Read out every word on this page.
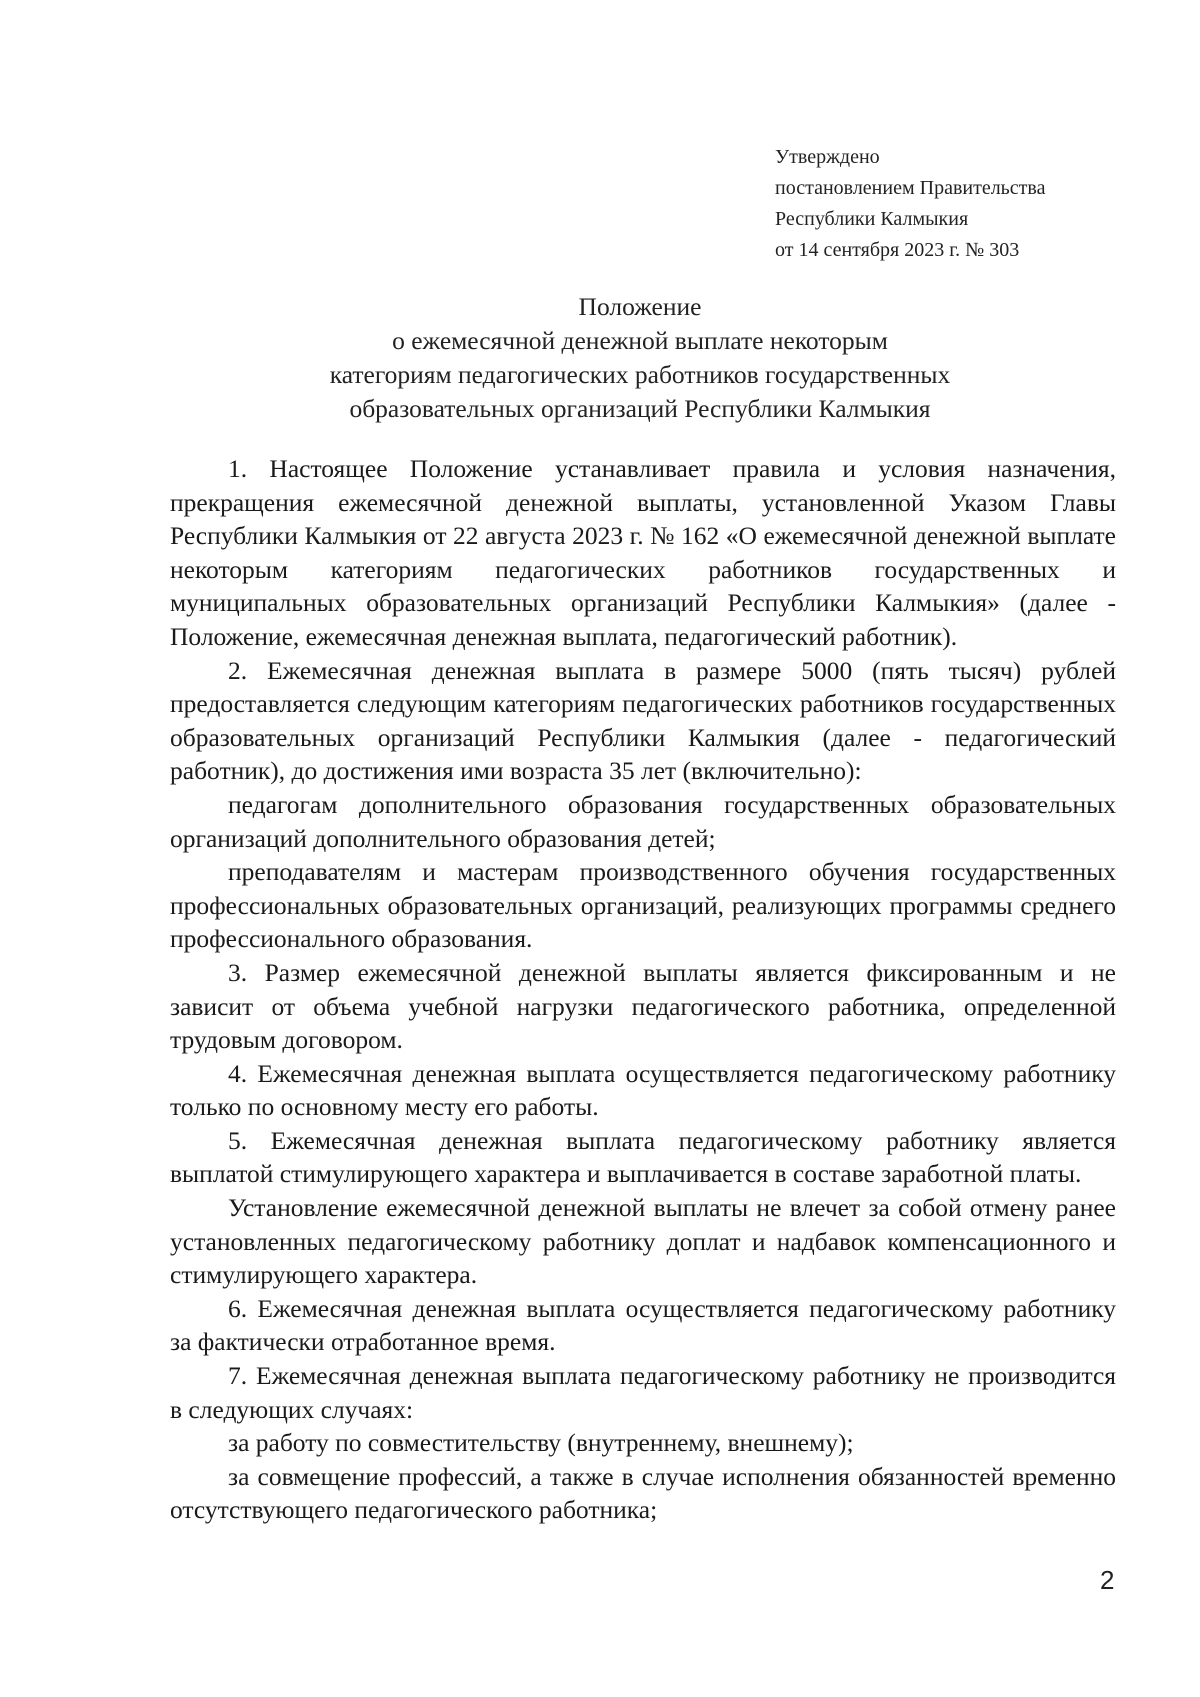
Утверждено
постановлением Правительства
Республики Калмыкия
от 14 сентября 2023 г. № 303
Положение
о ежемесячной денежной выплате некоторым
категориям педагогических работников государственных
образовательных организаций Республики Калмыкия

1. Настоящее Положение устанавливает правила и условия назначения, прекращения ежемесячной денежной выплаты, установленной Указом Главы Республики Калмыкия от 22 августа 2023 г. № 162 «О ежемесячной денежной выплате некоторым категориям педагогических работников государственных и муниципальных образовательных организаций Республики Калмыкия» (далее - Положение, ежемесячная денежная выплата, педагогический работник).

2. Ежемесячная денежная выплата в размере 5000 (пять тысяч) рублей предоставляется следующим категориям педагогических работников государственных образовательных организаций Республики Калмыкия (далее - педагогический работник), до достижения ими возраста 35 лет (включительно):

педагогам дополнительного образования государственных образовательных организаций дополнительного образования детей;

преподавателям и мастерам производственного обучения государственных профессиональных образовательных организаций, реализующих программы среднего профессионального образования.

3. Размер ежемесячной денежной выплаты является фиксированным и не зависит от объема учебной нагрузки педагогического работника, определенной трудовым договором.

4. Ежемесячная денежная выплата осуществляется педагогическому работнику только по основному месту его работы.

5. Ежемесячная денежная выплата педагогическому работнику является выплатой стимулирующего характера и выплачивается в составе заработной платы.

Установление ежемесячной денежной выплаты не влечет за собой отмену ранее установленных педагогическому работнику доплат и надбавок компенсационного и стимулирующего характера.

6. Ежемесячная денежная выплата осуществляется педагогическому работнику за фактически отработанное время.

7. Ежемесячная денежная выплата педагогическому работнику не производится в следующих случаях:

за работу по совместительству (внутреннему, внешнему);

за совмещение профессий, а также в случае исполнения обязанностей временно отсутствующего педагогического работника;

2
